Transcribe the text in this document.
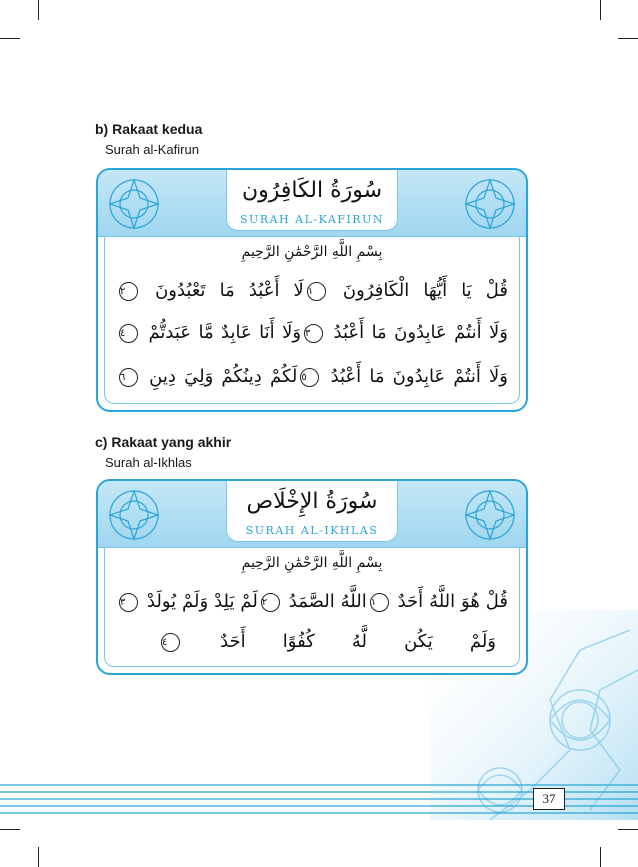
37
b) Rakaat kedua
Surah al-Kafirun
سُورَةُ الكَافِرُون
SURAH AL-KAFIRUN
بِسْمِ اللَّهِ الرَّحْمَٰنِ الرَّحِيمِ
قُلْ يَا أَيُّهَا الْكَافِرُونَ ١لَا أَعْبُدُ مَا تَعْبُدُونَ ٢
وَلَا أَنتُمْ عَابِدُونَ مَا أَعْبُدُ ٣وَلَا أَنَا عَابِدٌ مَّا عَبَدتُّمْ ٤
وَلَا أَنتُمْ عَابِدُونَ مَا أَعْبُدُ ٥لَكُمْ دِينُكُمْ وَلِيَ دِينِ ٦
c) Rakaat yang akhir
Surah al-Ikhlas
سُورَةُ الإِخْلَاص
SURAH AL-IKHLAS
بِسْمِ اللَّهِ الرَّحْمَٰنِ الرَّحِيمِ
قُلْ هُوَ اللَّهُ أَحَدٌ ١اللَّهُ الصَّمَدُ ٢لَمْ يَلِدْ وَلَمْ يُولَدْ ٣
وَلَمْ يَكُن لَّهُ كُفُوًا أَحَدٌ ٤
